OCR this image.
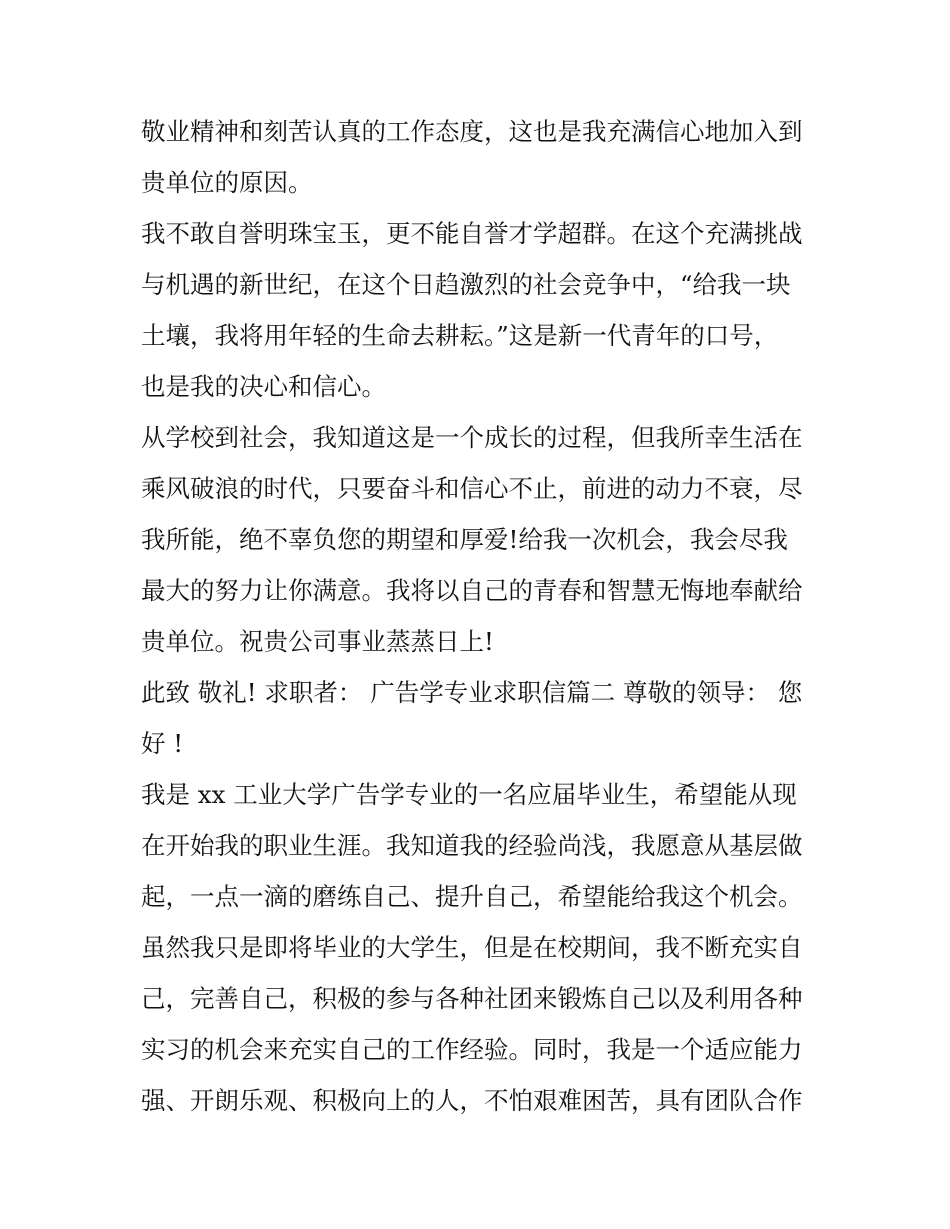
敬业精神和刻苦认真的工作态度，这也是我充满信心地加入到
贵单位的原因。
我不敢自誉明珠宝玉，更不能自誉才学超群。在这个充满挑战
与机遇的新世纪，在这个日趋激烈的社会竞争中，“给我一块
土壤，我将用年轻的生命去耕耘。”这是新一代青年的口号，
也是我的决心和信心。
从学校到社会，我知道这是一个成长的过程，但我所幸生活在
乘风破浪的时代，只要奋斗和信心不止，前进的动力不衰，尽
我所能，绝不辜负您的期望和厚爱!给我一次机会，我会尽我
最大的努力让你满意。我将以自己的青春和智慧无悔地奉献给
贵单位。祝贵公司事业蒸蒸日上!
此致 敬礼! 求职者： 广告学专业求职信篇二 尊敬的领导： 您
好 !
我是 xx 工业大学广告学专业的一名应届毕业生，希望能从现
在开始我的职业生涯。我知道我的经验尚浅，我愿意从基层做
起，一点一滴的磨练自己、提升自己，希望能给我这个机会。
虽然我只是即将毕业的大学生，但是在校期间，我不断充实自
己，完善自己，积极的参与各种社团来锻炼自己以及利用各种
实习的机会来充实自己的工作经验。同时，我是一个适应能力
强、开朗乐观、积极向上的人，不怕艰难困苦，具有团队合作
